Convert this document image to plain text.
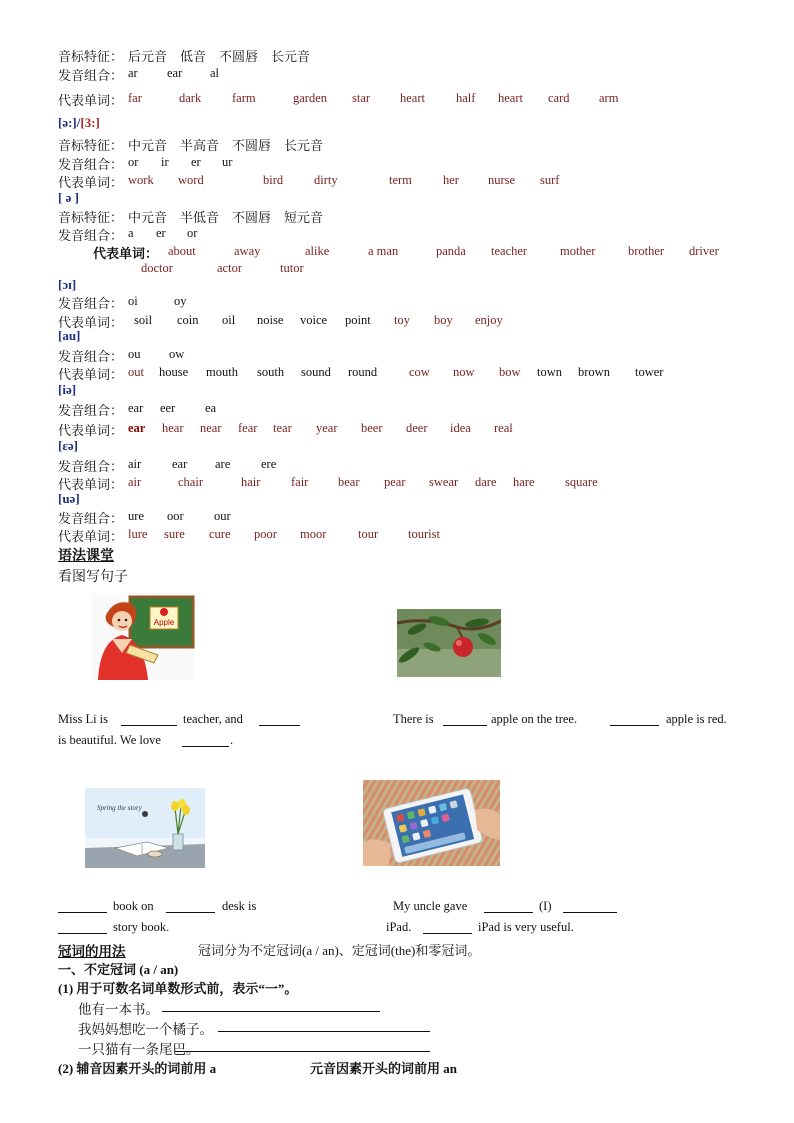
音标特征： 后元音　低音　不圆唇　长元音
发音组合： ar ear al
代表单词： far	dark farm	garden star heart half heart card arm
[ə:]/[3:]
音标特征： 中元音　半高音　不圆唇　长元音
发音组合： or ir er ur
代表单词： work word	bird dirty	term her nurse surf
[ ə ]
音标特征： 中元音　半低音　不圆唇　短元音
发音组合： a er or
代表单词： about	away	alike	a man	panda teacher	mother	brother driver
doctor	actor	tutor
[ɔɪ]
发音组合： oi	oy
代表单词： soil coin oil noise voice point toy boy enjoy
[au]
发音组合： ou ow
代表单词： out house mouth south sound round	cow now bow town brown tower
[iə]
发音组合： ear eer ea
代表单词： ear hear near fear tear year beer deer idea real
[εə]
发音组合： air ear are ere
代表单词： air	chair	hair fair bear pear swear dare hare square
[uə]
发音组合： ure oor our
代表单词： lure sure cure poor moor	tour tourist
语法课堂
看图写句子
Apple
Miss Li is	teacher, and
is beautiful. We love	.
There is	apple on the tree.	apple is red.
Spring the story
book on	desk is
story book.
My uncle gave	(I)
iPad.	iPad is very useful.
冠词的用法	冠词分为不定冠词(a / an)、定冠词(the)和零冠词。
一、不定冠词 (a / an)
(1) 用于可数名词单数形式前，表示“一”。
他有一本书。
我妈妈想吃一个橘子。
一只猫有一条尾巴。
(2) 辅音因素开头的词前用 a	元音因素开头的词前用 an
